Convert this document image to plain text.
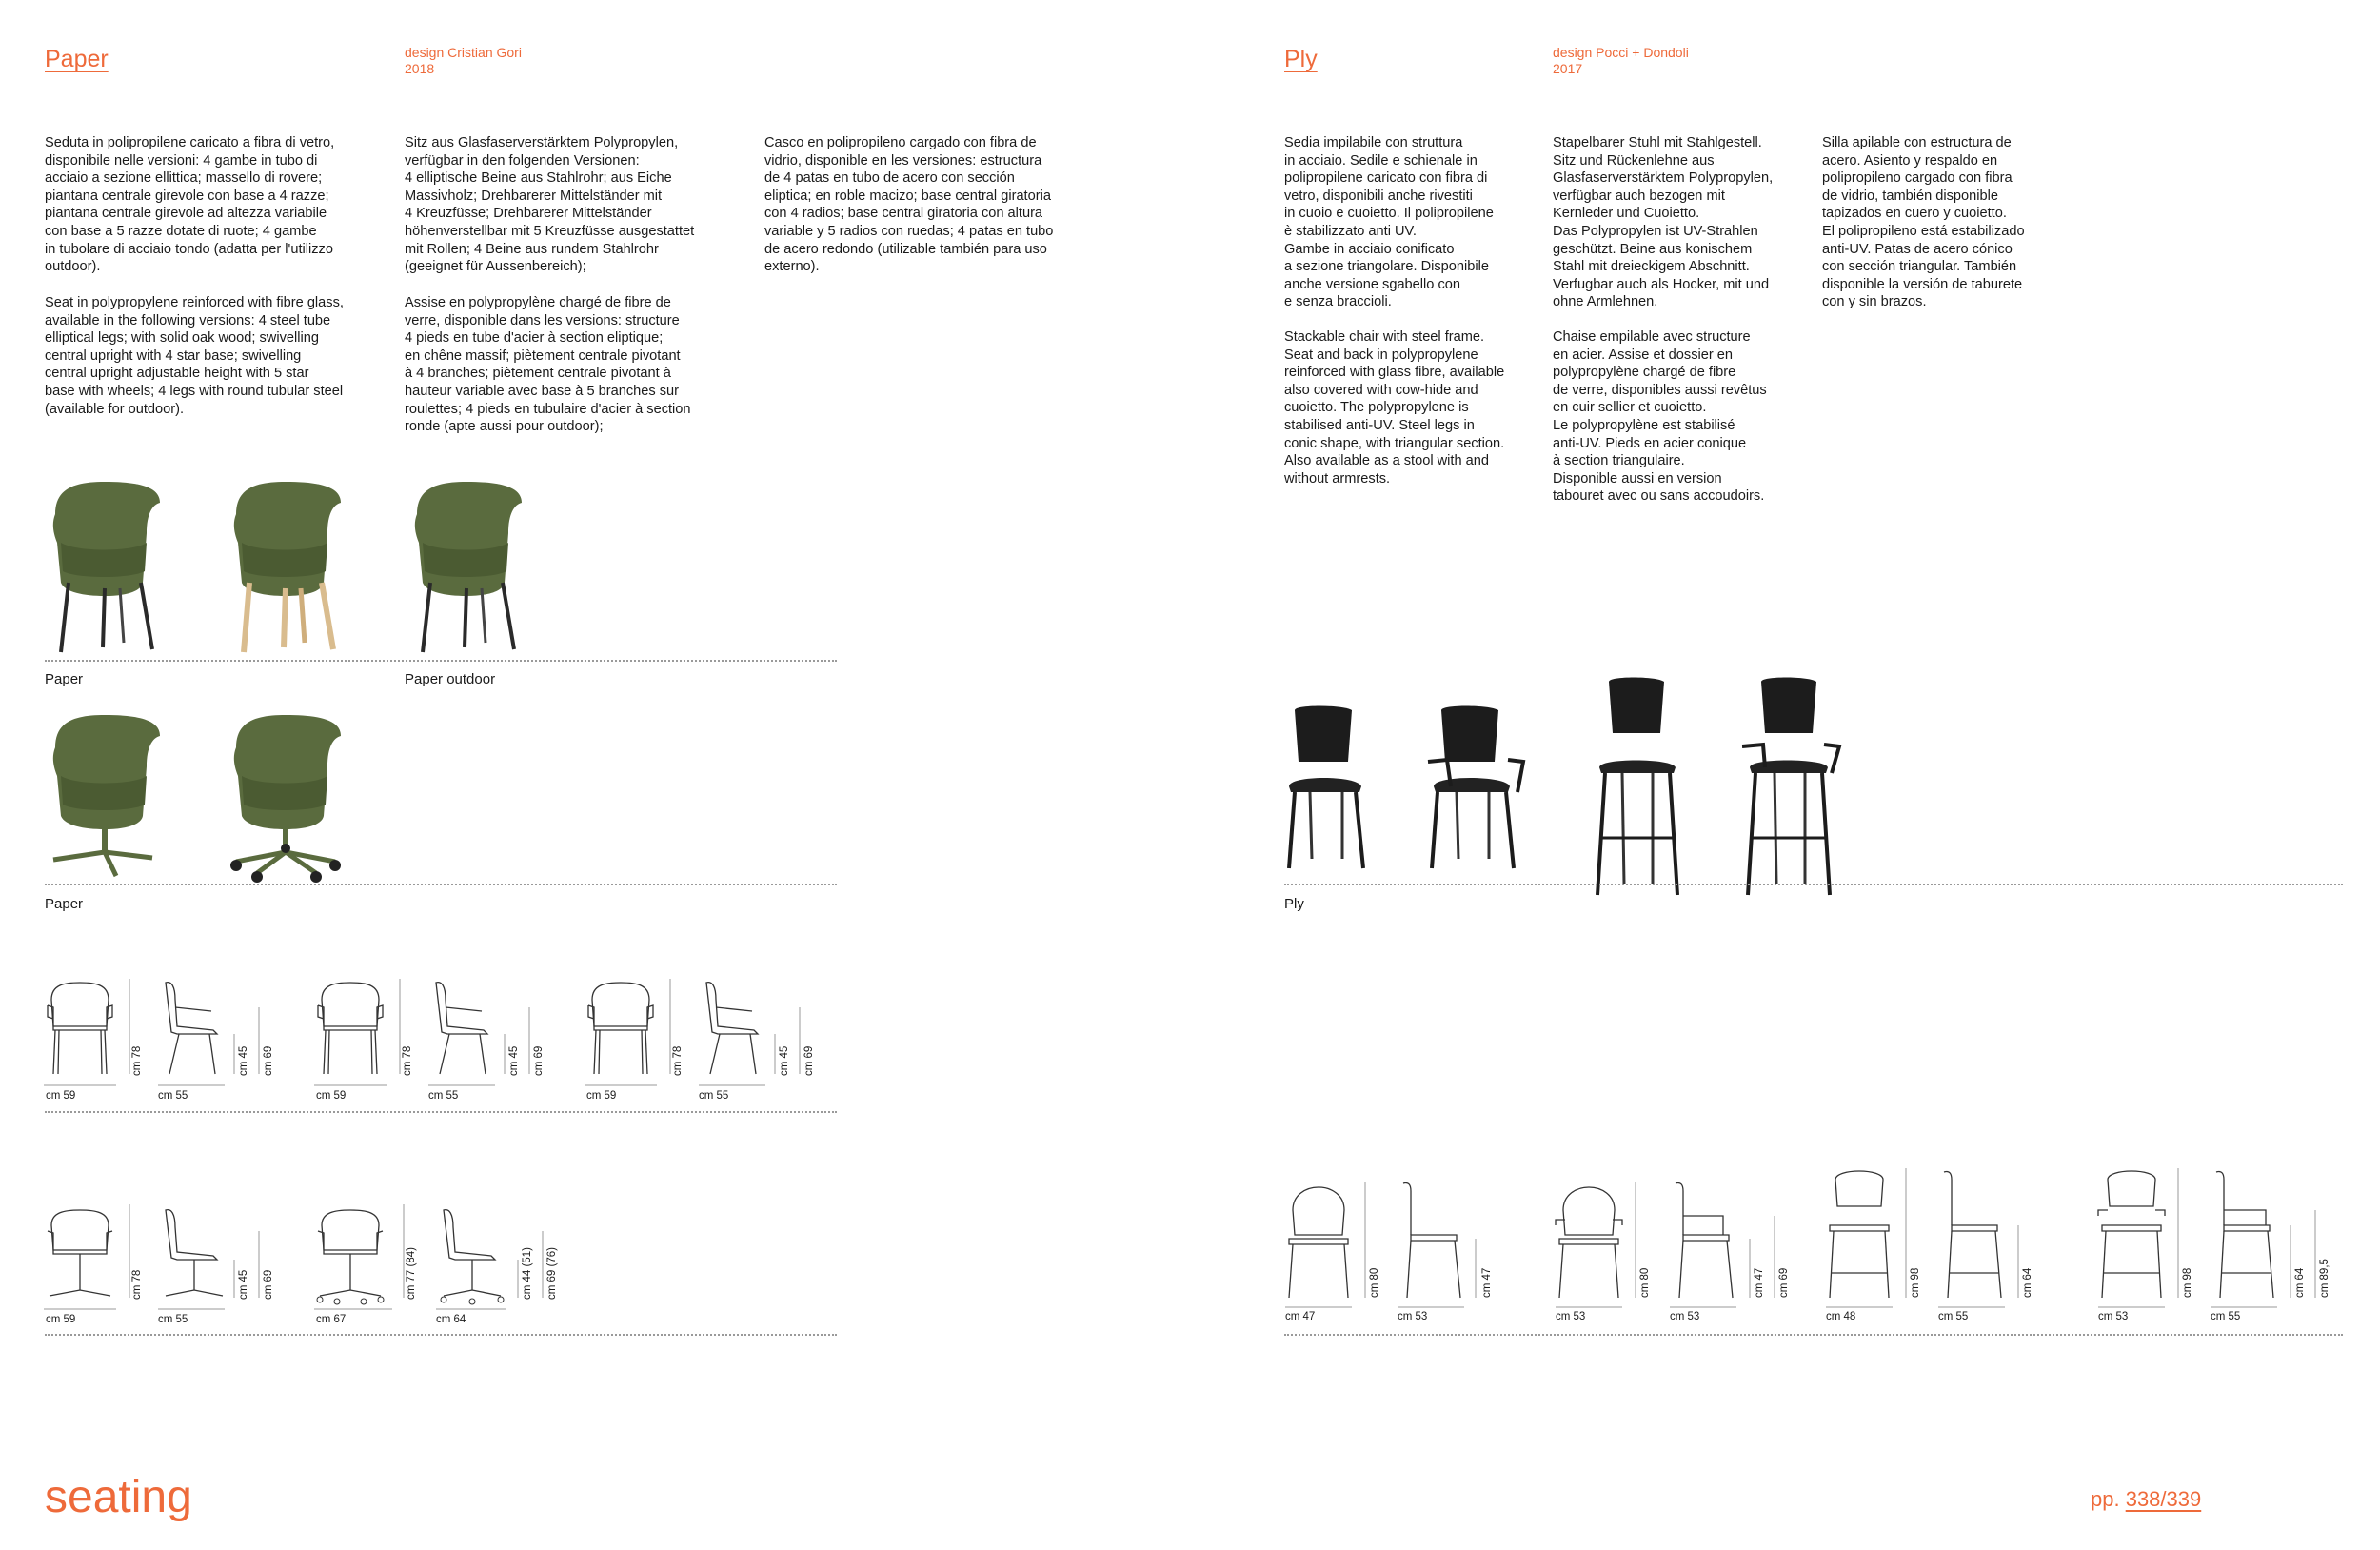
Paper	design Cristian Gori
2018
Seduta in polipropilene caricato a fibra di vetro,
disponibile nelle versioni: 4 gambe in tubo di
acciaio a sezione ellittica; massello di rovere;
piantana centrale girevole con base a 4 razze;
piantana centrale girevole ad altezza variabile
con base a 5 razze dotate di ruote; 4 gambe
in tubolare di acciaio tondo (adatta per l'utilizzo
outdoor).
Seat in polypropylene reinforced with fibre glass,
available in the following versions: 4 steel tube
elliptical legs; with solid oak wood; swivelling
central upright with 4 star base; swivelling
central upright adjustable height with 5 star
base with wheels; 4 legs with round tubular steel
(available for outdoor).
Sitz aus Glasfaserverstärktem Polypropylen,
verfügbar in den folgenden Versionen:
4 elliptische Beine aus Stahlrohr; aus Eiche
Massivholz; Drehbarerer Mittelständer mit
4 Kreuzfüsse; Drehbarerer Mittelständer
höhenverstellbar mit 5 Kreuzfüsse ausgestattet
mit Rollen; 4 Beine aus rundem Stahlrohr
(geeignet für Aussenbereich);
Assise en polypropylène chargé de fibre de
verre, disponible dans les versions: structure
4 pieds en tube d'acier à section eliptique;
en chêne massif; piètement centrale pivotant
à 4 branches; piètement centrale pivotant à
hauteur variable avec base à 5 branches sur
roulettes; 4 pieds en tubulaire d'acier à section
ronde (apte aussi pour outdoor);
Casco en polipropileno cargado con fibra de
vidrio, disponible en les versiones: estructura
de 4 patas en tubo de acero con sección
eliptica; en roble macizo; base central giratoria
con 4 radios; base central giratoria con altura
variable y 5 radios con ruedas; 4 patas en tubo
de acero redondo (utilizable también para uso
externo).
Paper	Paper outdoor
Paper
cm 59
cm 78
cm 55
cm 45 cm 69
cm 59
cm 78
cm 55
cm 45 cm 69
cm 59
cm 78
cm 55
cm 45 cm 69
cm 59
cm 78
cm 55
cm 45 cm 69
cm 67
cm 77 (84)
cm 64
cm 44 (51) cm 69 (76)
seating
Ply	design Pocci + Dondoli
2017
Sedia impilabile con struttura
in acciaio. Sedile e schienale in
polipropilene caricato con fibra di
vetro, disponibili anche rivestiti
in cuoio e cuoietto. Il polipropilene
è stabilizzato anti UV.
Gambe in acciaio conificato
a sezione triangolare. Disponibile
anche versione sgabello con
e senza braccioli.
Stackable chair with steel frame.
Seat and back in polypropylene
reinforced with glass fibre, available
also covered with cow-hide and
cuoietto. The polypropylene is
stabilised anti-UV. Steel legs in
conic shape, with triangular section.
Also available as a stool with and
without armrests.
Stapelbarer Stuhl mit Stahlgestell.
Sitz und Rückenlehne aus
Glasfaserverstärktem Polypropylen,
verfügbar auch bezogen mit
Kernleder und Cuoietto.
Das Polypropylen ist UV-Strahlen
geschützt. Beine aus konischem
Stahl mit dreieckigem Abschnitt.
Verfugbar auch als Hocker, mit und
ohne Armlehnen.
Chaise empilable avec structure
en acier. Assise et dossier en
polypropylène chargé de fibre
de verre, disponibles aussi revêtus
en cuir sellier et cuoietto.
Le polypropylène est stabilisé
anti-UV. Pieds en acier conique
à section triangulaire.
Disponible aussi en version
tabouret avec ou sans accoudoirs.
Silla apilable con estructura de
acero. Asiento y respaldo en
polipropileno cargado con fibra
de vidrio, también disponible
tapizados en cuero y cuoietto.
El polipropileno está estabilizado
anti-UV. Patas de acero cónico
con sección triangular. También
disponible la versión de taburete
con y sin brazos.
Ply
cm 47
cm 80
cm 53
cm 47
cm 53
cm 80
cm 53
cm 47 cm 69
cm 48
cm 98
cm 55
cm 64
cm 53
cm 98
cm 55
cm 64 cm 89,5
pp. 338/339
